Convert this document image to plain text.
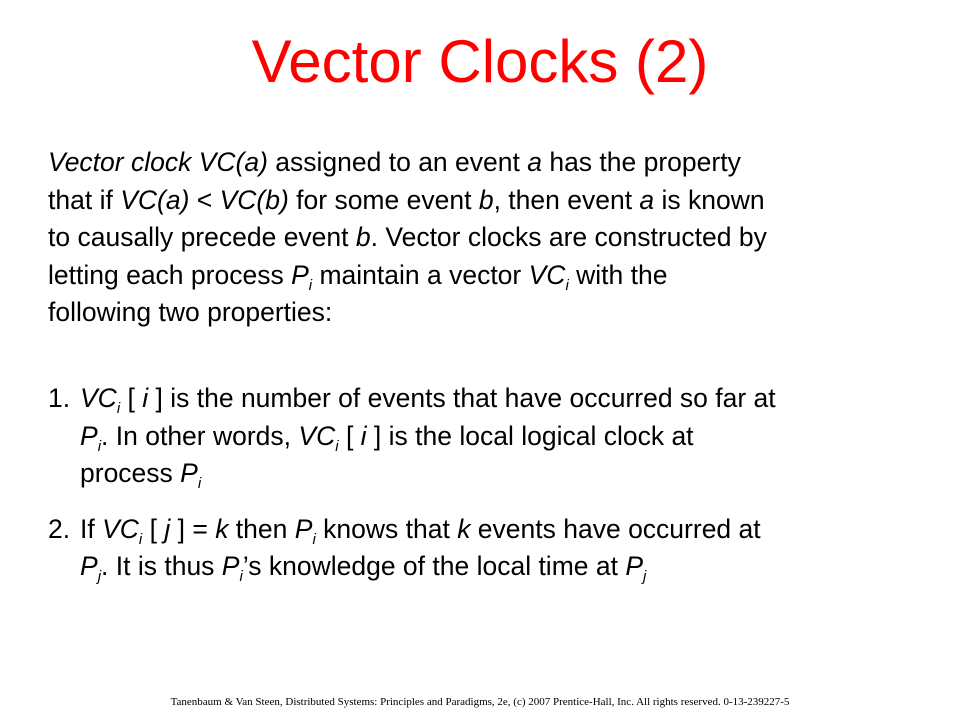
Vector Clocks (2)
Vector clock VC(a) assigned to an event a has the property
that if VC(a) < VC(b) for some event b, then event a is known
to causally precede event b. Vector clocks are constructed by
letting each process $P_i$ maintain a vector $VC_i$ with the
following two properties:
1. $VC_i$ [ i ] is the number of events that have occurred so far at
$P_i$. In other words, $VC_i$ [ i ] is the local logical clock at
process $P_i$
2. If $VC_i$ [ j ] = k then $P_i$ knows that k events have occurred at
$P_j$. It is thus $P_i’s$ knowledge of the local time at $P_j$
Tanenbaum & Van Steen, Distributed Systems: Principles and Paradigms, 2e, (c) 2007 Prentice-Hall, Inc. All rights reserved. 0-13-239227-5
